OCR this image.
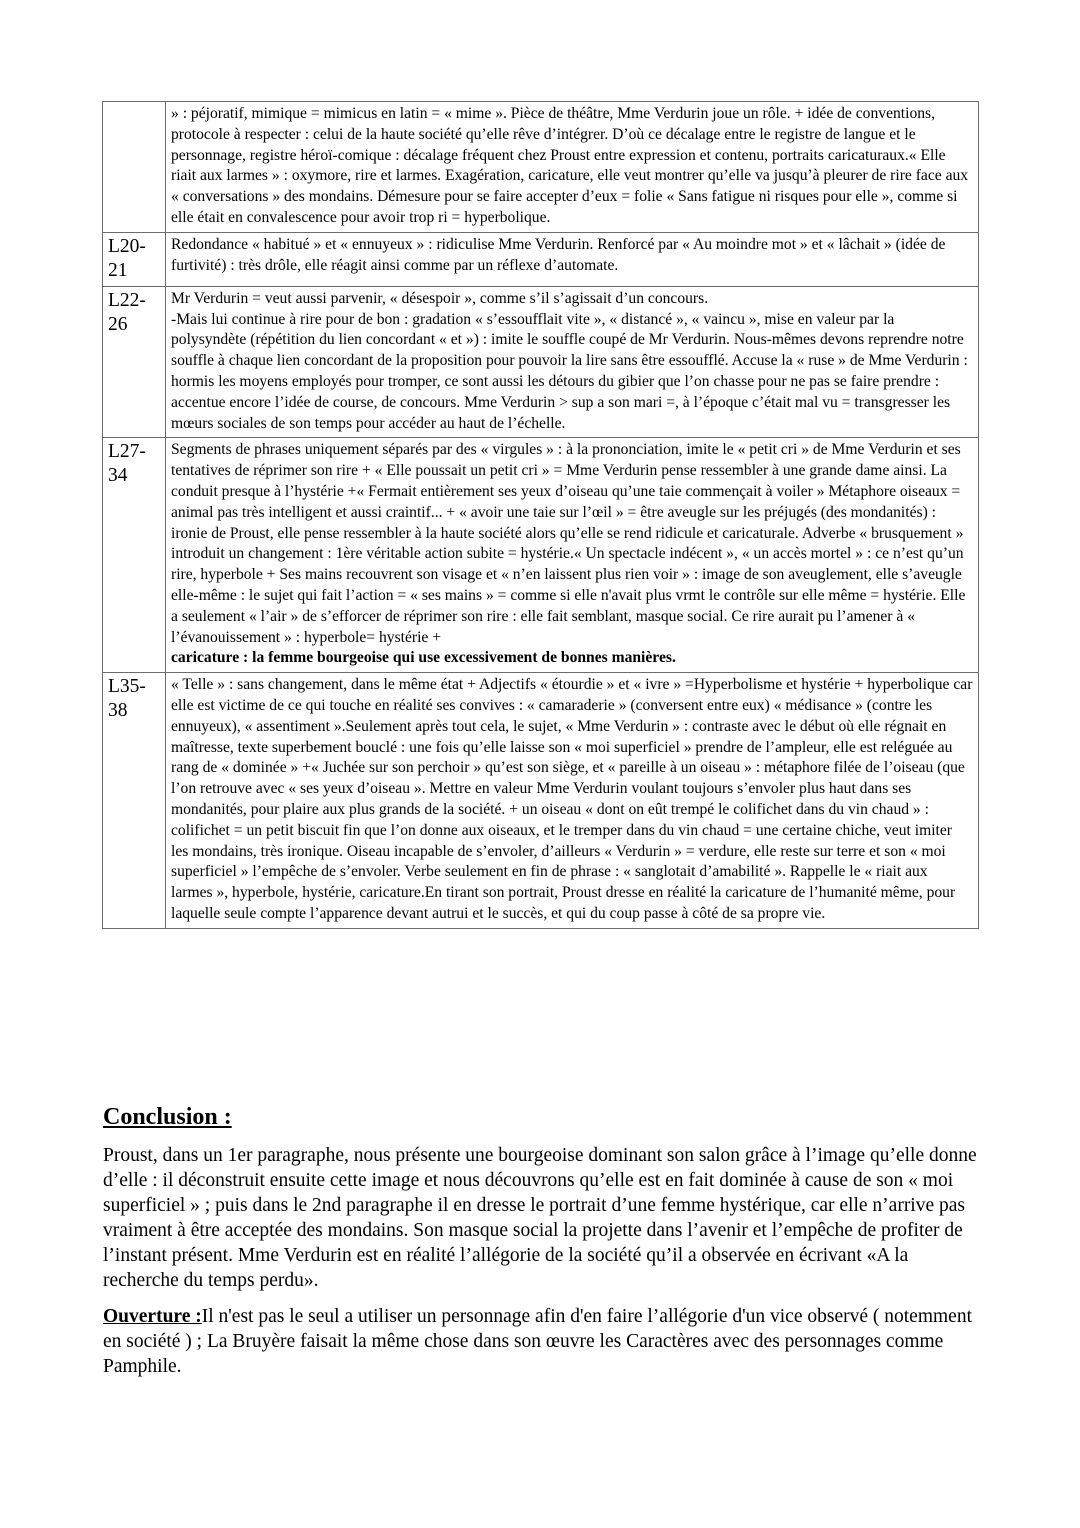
	» : péjoratif, mimique = mimicus en latin = « mime ». Pièce de théâtre, Mme Verdurin joue un rôle. + idée de conventions, protocole à respecter : celui de la haute société qu’elle rêve d’intégrer. D’où ce décalage entre le registre de langue et le personnage, registre héroï-comique : décalage fréquent chez Proust entre expression et contenu, portraits caricaturaux.« Elle riait aux larmes » : oxymore, rire et larmes. Exagération, caricature, elle veut montrer qu’elle va jusqu’à pleurer de rire face aux « conversations » des mondains. Démesure pour se faire accepter d’eux = folie « Sans fatigue ni risques pour elle », comme si elle était en convalescence pour avoir trop ri = hyperbolique.
L20-21	Redondance « habitué » et « ennuyeux » : ridiculise Mme Verdurin. Renforcé par « Au moindre mot » et « lâchait » (idée de furtivité) : très drôle, elle réagit ainsi comme par un réflexe d’automate.
L22-26	Mr Verdurin = veut aussi parvenir, « désespoir », comme s’il s’agissait d’un concours.
-Mais lui continue à rire pour de bon : gradation « s’essoufflait vite », « distancé », « vaincu », mise en valeur par la polysyndète (répétition du lien concordant « et ») : imite le souffle coupé de Mr Verdurin. Nous-mêmes devons reprendre notre souffle à chaque lien concordant de la proposition pour pouvoir la lire sans être essoufflé. Accuse la « ruse » de Mme Verdurin : hormis les moyens employés pour tromper, ce sont aussi les détours du gibier que l’on chasse pour ne pas se faire prendre : accentue encore l’idée de course, de concours. Mme Verdurin > sup a son mari =, à l’époque c’était mal vu = transgresser les mœurs sociales de son temps pour accéder au haut de l’échelle.
L27-34	Segments de phrases uniquement séparés par des « virgules » : à la prononciation, imite le « petit cri » de Mme Verdurin et ses tentatives de réprimer son rire + « Elle poussait un petit cri » = Mme Verdurin pense ressembler à une grande dame ainsi. La conduit presque à l’hystérie +« Fermait entièrement ses yeux d’oiseau qu’une taie commençait à voiler » Métaphore oiseaux = animal pas très intelligent et aussi craintif... + « avoir une taie sur l’œil » = être aveugle sur les préjugés (des mondanités) : ironie de Proust, elle pense ressembler à la haute société alors qu’elle se rend ridicule et caricaturale. Adverbe « brusquement » introduit un changement : 1ère véritable action subite = hystérie.« Un spectacle indécent », « un accès mortel » : ce n’est qu’un rire, hyperbole + Ses mains recouvrent son visage et « n’en laissent plus rien voir » : image de son aveuglement, elle s’aveugle elle-même : le sujet qui fait l’action = « ses mains » = comme si elle n'avait plus vrmt le contrôle sur elle même = hystérie. Elle a seulement « l’air » de s’efforcer de réprimer son rire : elle fait semblant, masque social. Ce rire aurait pu l’amener à « l’évanouissement » : hyperbole= hystérie +
caricature : la femme bourgeoise qui use excessivement de bonnes manières.
L35-38	« Telle » : sans changement, dans le même état + Adjectifs « étourdie » et « ivre » =Hyperbolisme et hystérie + hyperbolique car elle est victime de ce qui touche en réalité ses convives : « camaraderie » (conversent entre eux) « médisance » (contre les ennuyeux), « assentiment ».Seulement après tout cela, le sujet, « Mme Verdurin » : contraste avec le début où elle régnait en maîtresse, texte superbement bouclé : une fois qu’elle laisse son « moi superficiel » prendre de l’ampleur, elle est reléguée au rang de « dominée » +« Juchée sur son perchoir » qu’est son siège, et « pareille à un oiseau » : métaphore filée de l’oiseau (que l’on retrouve avec « ses yeux d’oiseau ». Mettre en valeur Mme Verdurin voulant toujours s’envoler plus haut dans ses mondanités, pour plaire aux plus grands de la société. + un oiseau « dont on eût trempé le colifichet dans du vin chaud » : colifichet = un petit biscuit fin que l’on donne aux oiseaux, et le tremper dans du vin chaud = une certaine chiche, veut imiter les mondains, très ironique. Oiseau incapable de s’envoler, d’ailleurs « Verdurin » = verdure, elle reste sur terre et son « moi superficiel » l’empêche de s’envoler. Verbe seulement en fin de phrase : « sanglotait d’amabilité ». Rappelle le « riait aux larmes », hyperbole, hystérie, caricature.En tirant son portrait, Proust dresse en réalité la caricature de l’humanité même, pour laquelle seule compte l’apparence devant autrui et le succès, et qui du coup passe à côté de sa propre vie.
Conclusion :

Proust, dans un 1er paragraphe, nous présente une bourgeoise dominant son salon grâce à l’image qu’elle donne d’elle : il déconstruit ensuite cette image et nous découvrons qu’elle est en fait dominée à cause de son « moi superficiel » ; puis dans le 2nd paragraphe il en dresse le portrait d’une femme hystérique, car elle n’arrive pas vraiment à être acceptée des mondains. Son masque social la projette dans l’avenir et l’empêche de profiter de l’instant présent. Mme Verdurin est en réalité l’allégorie de la société qu’il a observée en écrivant «A la recherche du temps perdu».

Ouverture :Il n'est pas le seul a utiliser un personnage afin d'en faire l’allégorie d'un vice observé ( notemment en société ) ; La Bruyère faisait la même chose dans son œuvre les Caractères avec des personnages comme Pamphile.
